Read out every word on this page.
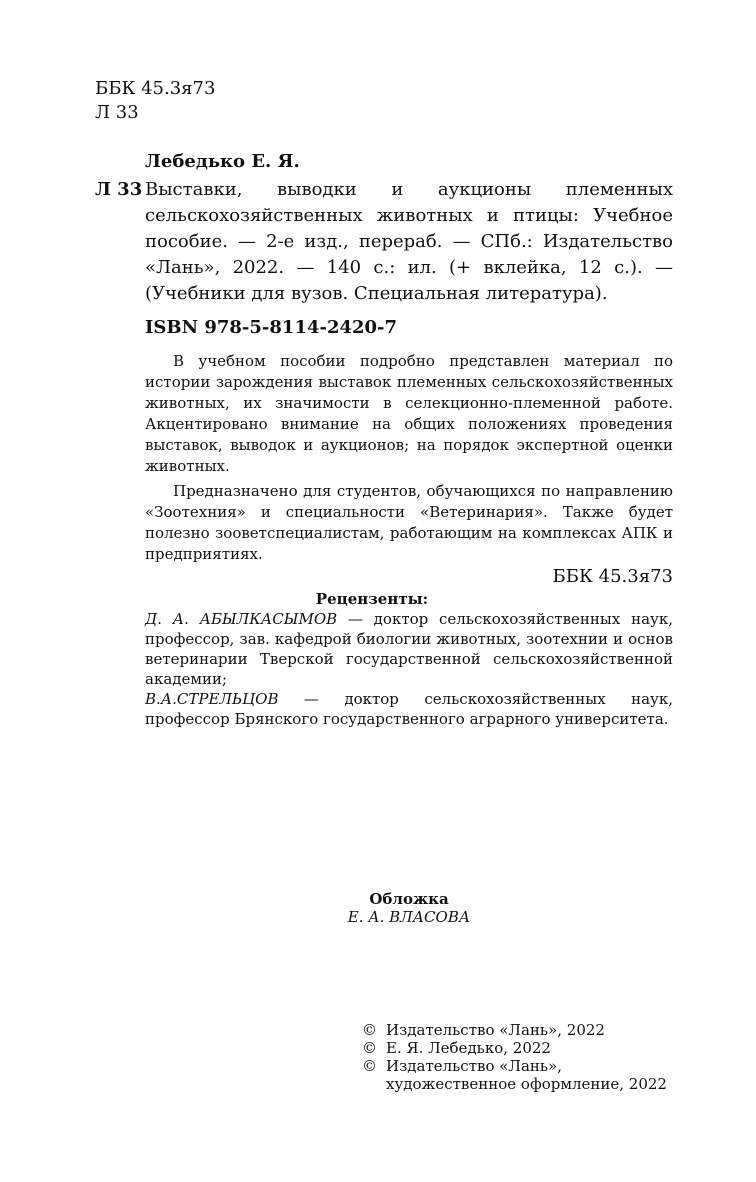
ББК 45.3я73
Л 33
Лебедько Е. Я.
Л 33 Выставки, выводки и аукционы племенных сельскохозяйственных животных и птицы: Учебное пособие. — 2-е изд., перераб. — СПб.: Издательство «Лань», 2022. — 140 с.: ил. (+ вклейка, 12 с.). — (Учебники для вузов. Специальная литература).
ISBN 978-5-8114-2420-7

В учебном пособии подробно представлен материал по истории зарождения выставок племенных сельскохозяйственных животных, их значимости в селекционно-племенной работе. Акцентировано внимание на общих положениях проведения выставок, выводок и аукционов; на порядок экспертной оценки животных.

Предназначено для студентов, обучающихся по направлению «Зоотехния» и специальности «Ветеринария». Также будет полезно зооветспециалистам, работающим на комплексах АПК и предприятиях.

ББК 45.3я73
Рецензенты:

Д. А. АБЫЛКАСЫМОВ — доктор сельскохозяйственных наук, профессор, зав. кафедрой биологии животных, зоотехнии и основ ветеринарии Тверской государственной сельскохозяйственной академии;

В.А.СТРЕЛЬЦОВ — доктор сельскохозяйственных наук, профессор Брянского государственного аграрного университета.

Обложка
Е. А. ВЛАСОВА
© Издательство «Лань», 2022
© Е. Я. Лебедько, 2022
© Издательство «Лань»,
художественное оформление, 2022
